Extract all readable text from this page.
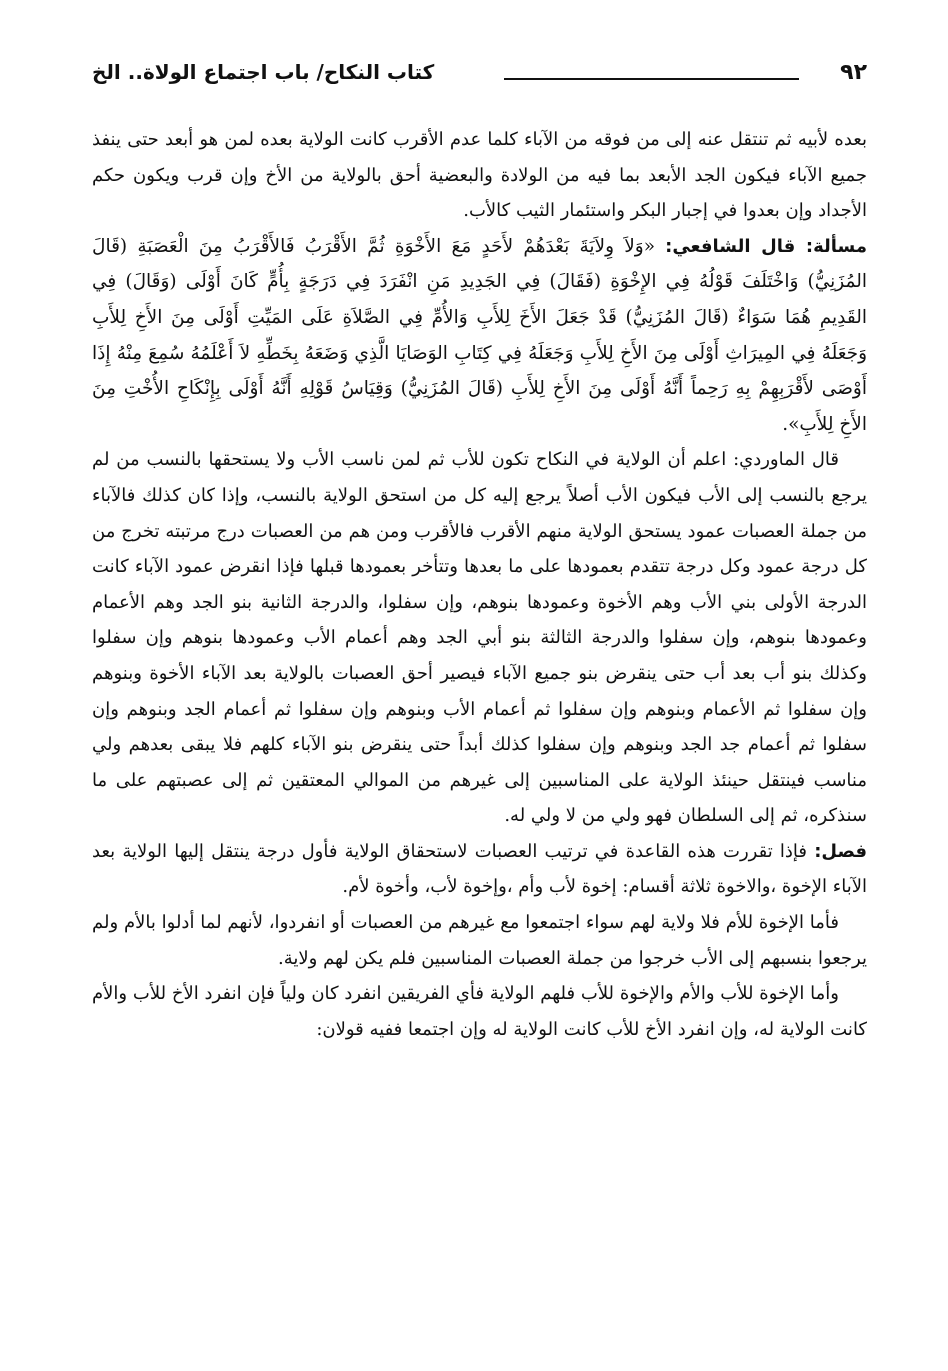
٩٢
كتاب النكاح/ باب اجتماع الولاة.. الخ

بعده لأبيه ثم تنتقل عنه إلى من فوقه من الآباء كلما عدم الأقرب كانت الولاية بعده لمن هو أبعد حتى ينفذ جميع الآباء فيكون الجد الأبعد بما فيه من الولادة والبعضية أحق بالولاية من الأخ وإن قرب ويكون حكم الأجداد وإن بعدوا في إجبار البكر واستئمار الثيب كالأب.

مسألة: قال الشافعي: «وَلاَ وِلاَيَةَ بَعْدَهُمْ لأَحَدٍ مَعَ الأَخْوَةِ ثُمَّ الأَقْرَبُ فَالأَقْرَبُ مِنَ الْعَصَبَةِ (قَالَ المُزَنِيُّ) وَاخْتَلَفَ قَوْلُهُ فِي الإِخْوَةِ (فَقَالَ) فِي الجَدِيدِ مَنِ انْفَرَدَ فِي دَرَجَةٍ بِأُمٍّ كَانَ أَوْلَى (وَقَالَ) فِي القَدِيمِ هُمَا سَوَاءٌ (قَالَ المُزَنِيُّ) قَدْ جَعَلَ الأَخَ لِلأَبِ وَالأُمِّ فِي الصَّلاَةِ عَلَى المَيِّتِ أَوْلَى مِنَ الأَخِ لِلأَبِ وَجَعَلَهُ فِي المِيرَاثِ أَوْلَى مِنَ الأَخِ لِلأَبِ وَجَعَلَهُ فِي كِتَابِ الوَصَايَا الَّذِي وَضَعَهُ بِخَطِّهِ لاَ أَعْلَمُهُ سُمِعَ مِنْهُ إِذَا أَوْصَى لأَقْرَبِهِمْ بِهِ رَحِماً أَنَّهُ أَوْلَى مِنَ الأَخِ لِلأَبِ (قَالَ المُزَنِيُّ) وَقِيَاسُ قَوْلِهِ أَنَّهُ أَوْلَى بِإِنْكَاحِ الأُخْتِ مِنَ الأَخِ لِلأَبِ».

قال الماوردي: اعلم أن الولاية في النكاح تكون للأب ثم لمن ناسب الأب ولا يستحقها بالنسب من لم يرجع بالنسب إلى الأب فيكون الأب أصلاً يرجع إليه كل من استحق الولاية بالنسب، وإذا كان كذلك فالآباء من جملة العصبات عمود يستحق الولاية منهم الأقرب فالأقرب ومن هم من العصبات درج مرتبته تخرج من كل درجة عمود وكل درجة تتقدم بعمودها على ما بعدها وتتأخر بعمودها قبلها فإذا انقرض عمود الآباء كانت الدرجة الأولى بني الأب وهم الأخوة وعمودها بنوهم، وإن سفلوا، والدرجة الثانية بنو الجد وهم الأعمام وعمودها بنوهم، وإن سفلوا والدرجة الثالثة بنو أبي الجد وهم أعمام الأب وعمودها بنوهم وإن سفلوا وكذلك بنو أب بعد أب حتى ينقرض بنو جميع الآباء فيصير أحق العصبات بالولاية بعد الآباء الأخوة وبنوهم وإن سفلوا ثم الأعمام وبنوهم وإن سفلوا ثم أعمام الأب وبنوهم وإن سفلوا ثم أعمام الجد وبنوهم وإن سفلوا ثم أعمام جد الجد وبنوهم وإن سفلوا كذلك أبداً حتى ينقرض بنو الآباء كلهم فلا يبقى بعدهم ولي مناسب فينتقل حينئذ الولاية على المناسبين إلى غيرهم من الموالي المعتقين ثم إلى عصبتهم على ما سنذكره، ثم إلى السلطان فهو ولي من لا ولي له.

فصل: فإذا تقررت هذه القاعدة في ترتيب العصبات لاستحقاق الولاية فأول درجة ينتقل إليها الولاية بعد الآباء الإخوة ،والاخوة ثلاثة أقسام: إخوة لأب وأم ،وإخوة لأب، وأخوة لأم.

فأما الإخوة للأم فلا ولاية لهم سواء اجتمعوا مع غيرهم من العصبات أو انفردوا، لأنهم لما أدلوا بالأم ولم يرجعوا بنسبهم إلى الأب خرجوا من جملة العصبات المناسبين فلم يكن لهم ولاية.

وأما الإخوة للأب والأم والإخوة للأب فلهم الولاية فأي الفريقين انفرد كان ولياً فإن انفرد الأخ للأب والأم كانت الولاية له، وإن انفرد الأخ للأب كانت الولاية له وإن اجتمعا ففيه قولان:
